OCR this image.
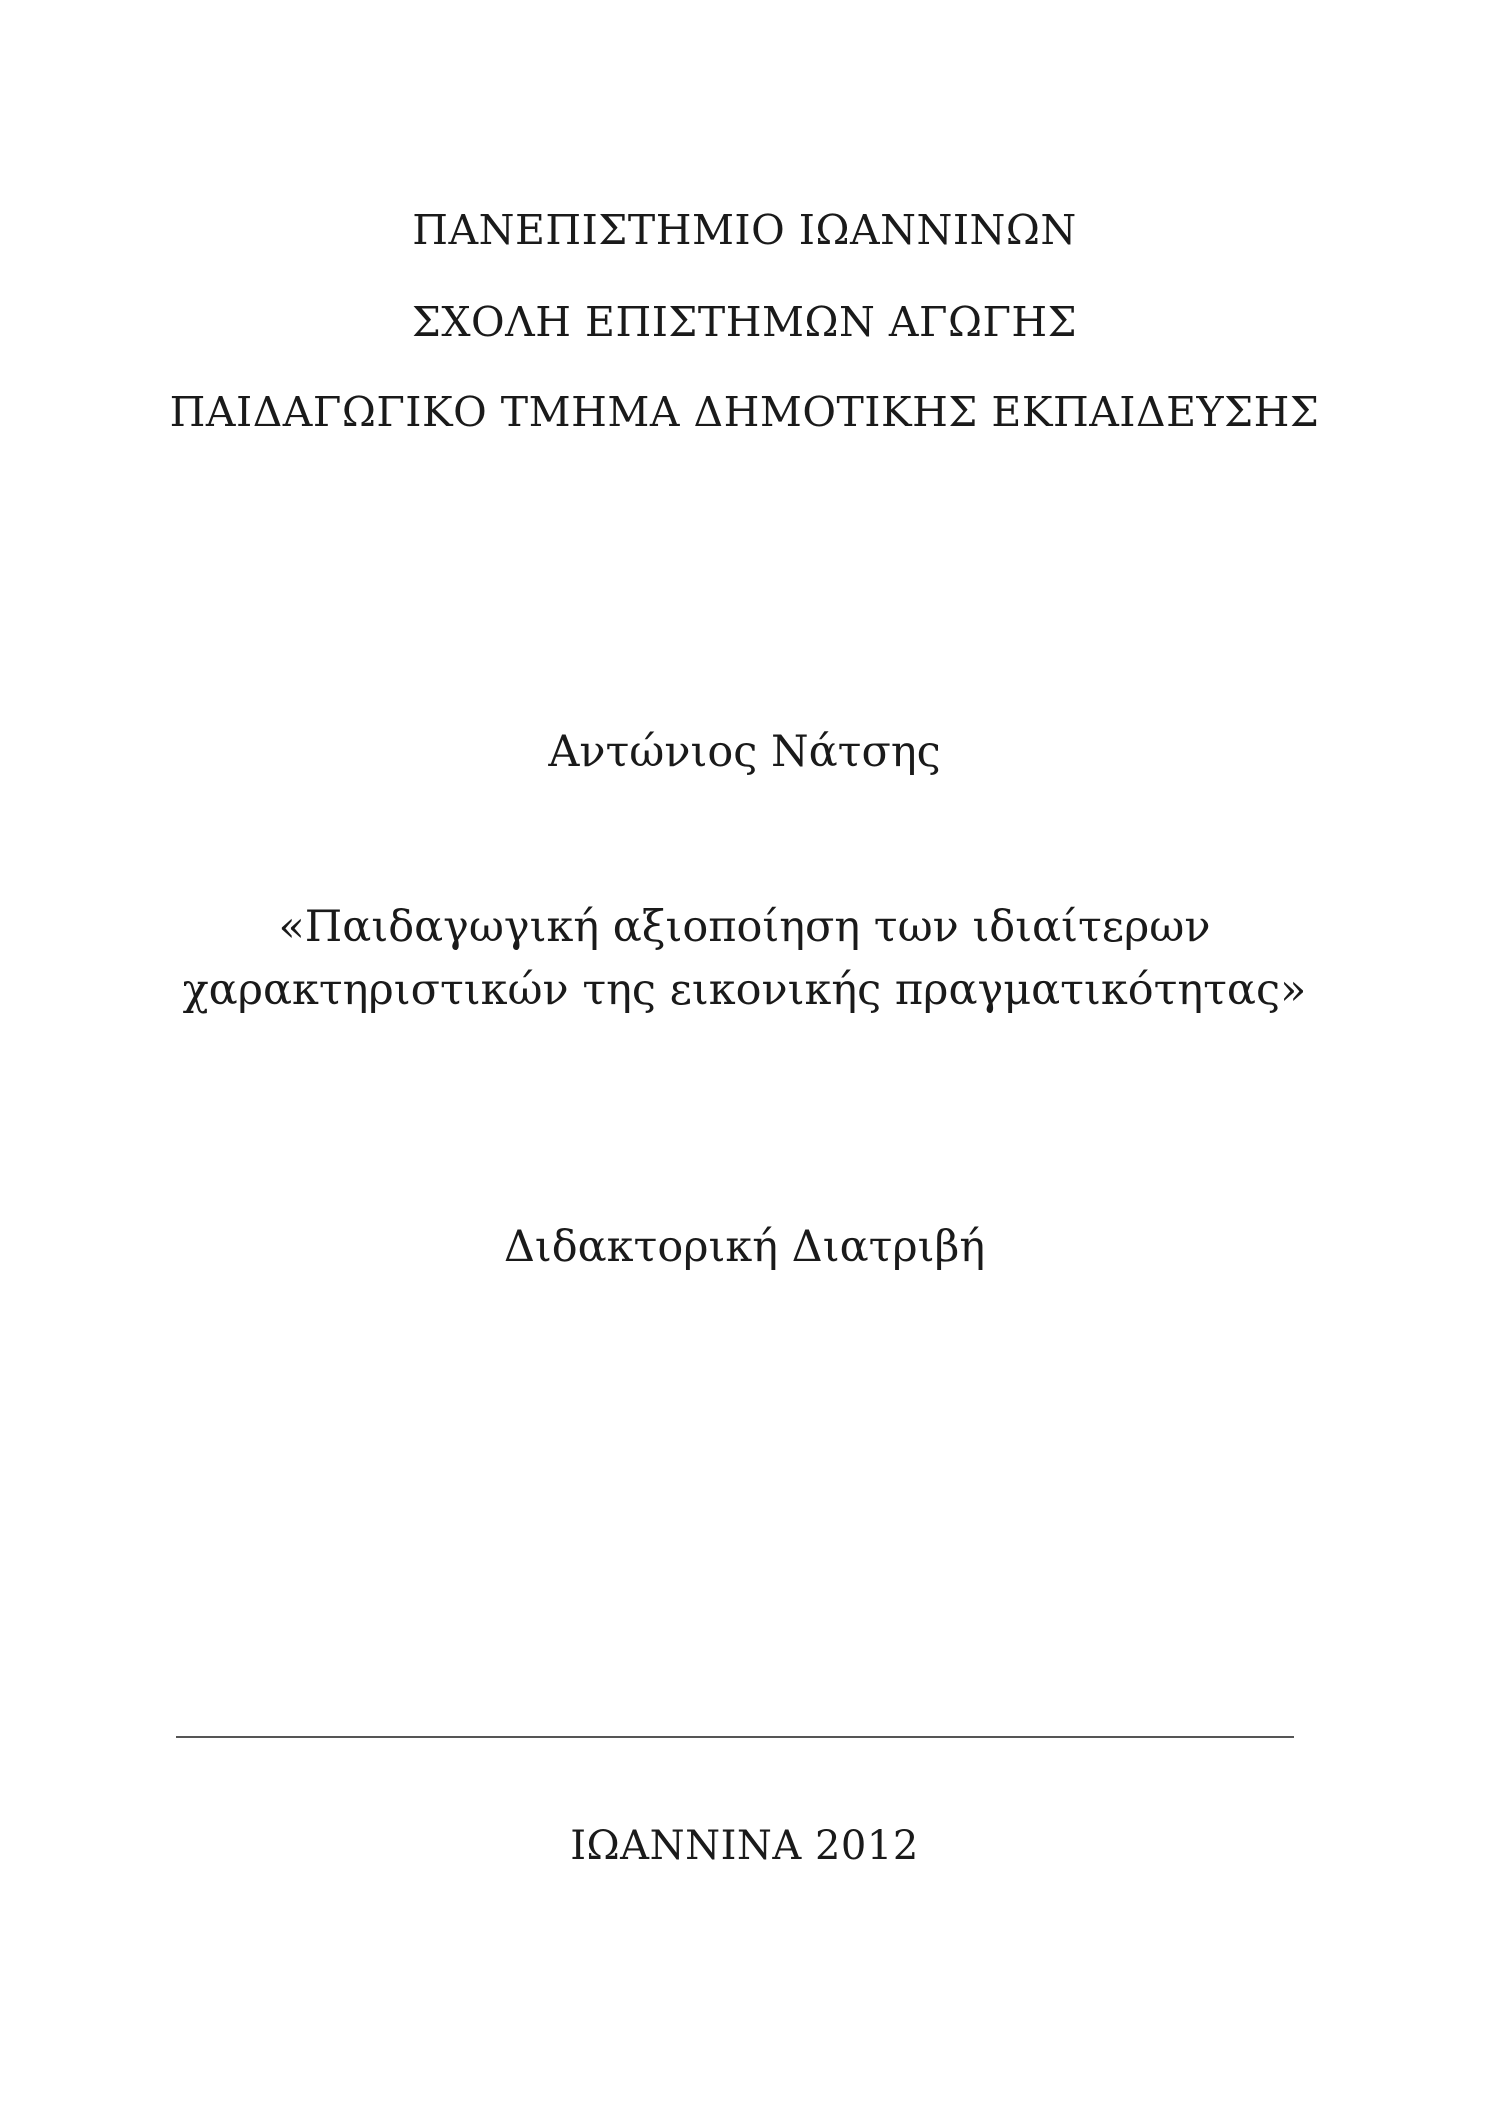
ΠΑΝΕΠΙΣΤΗΜΙΟ ΙΩΑΝΝΙΝΩΝ
ΣΧΟΛΗ ΕΠΙΣΤΗΜΩΝ ΑΓΩΓΗΣ
ΠΑΙΔΑΓΩΓΙΚΟ ΤΜΗΜΑ ΔΗΜΟΤΙΚΗΣ ΕΚΠΑΙΔΕΥΣΗΣ
Αντώνιος Νάτσης
«Παιδαγωγική αξιοποίηση των ιδιαίτερων
χαρακτηριστικών της εικονικής πραγματικότητας»
Διδακτορική Διατριβή
ΙΩΑΝΝΙΝΑ 2012
